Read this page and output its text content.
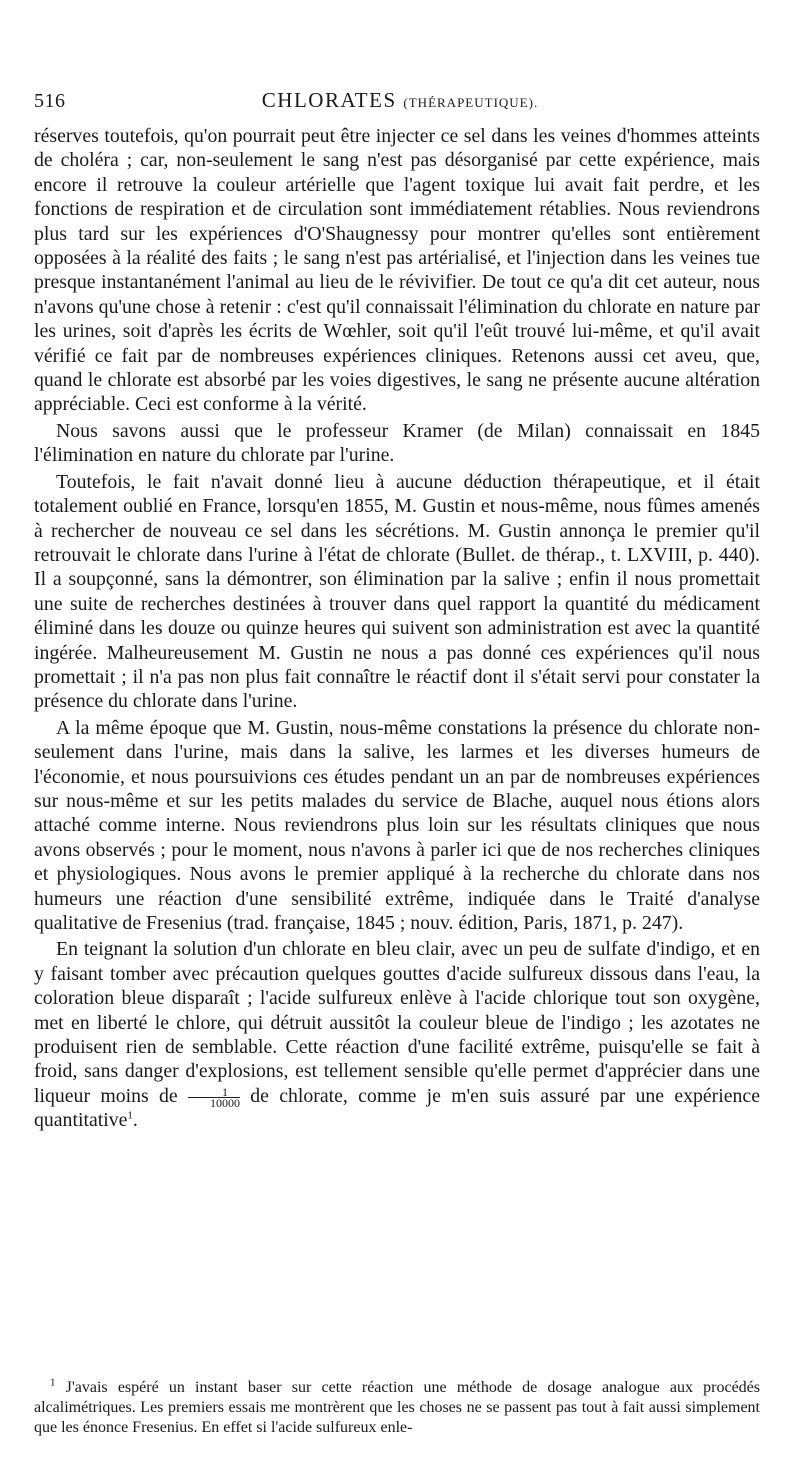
516	CHLORATES (THÉRAPEUTIQUE).

réserves toutefois, qu'on pourrait peut être injecter ce sel dans les veines d'hommes atteints de choléra ; car, non-seulement le sang n'est pas désorganisé par cette expérience, mais encore il retrouve la couleur artérielle que l'agent toxique lui avait fait perdre, et les fonctions de respiration et de circulation sont immédiatement rétablies. Nous reviendrons plus tard sur les expériences d'O'Shaugnessy pour montrer qu'elles sont entièrement opposées à la réalité des faits ; le sang n'est pas artérialisé, et l'injection dans les veines tue presque instantanément l'animal au lieu de le révivifier. De tout ce qu'a dit cet auteur, nous n'avons qu'une chose à retenir : c'est qu'il connaissait l'élimination du chlorate en nature par les urines, soit d'après les écrits de Wœhler, soit qu'il l'eût trouvé lui-même, et qu'il avait vérifié ce fait par de nombreuses expériences cliniques. Retenons aussi cet aveu, que, quand le chlorate est absorbé par les voies digestives, le sang ne présente aucune altération appréciable. Ceci est conforme à la vérité.

Nous savons aussi que le professeur Kramer (de Milan) connaissait en 1845 l'élimination en nature du chlorate par l'urine.

Toutefois, le fait n'avait donné lieu à aucune déduction thérapeutique, et il était totalement oublié en France, lorsqu'en 1855, M. Gustin et nous-même, nous fûmes amenés à rechercher de nouveau ce sel dans les sécrétions. M. Gustin annonça le premier qu'il retrouvait le chlorate dans l'urine à l'état de chlorate (Bullet. de thérap., t. LXVIII, p. 440). Il a soupçonné, sans la démontrer, son élimination par la salive ; enfin il nous promettait une suite de recherches destinées à trouver dans quel rapport la quantité du médicament éliminé dans les douze ou quinze heures qui suivent son administration est avec la quantité ingérée. Malheureusement M. Gustin ne nous a pas donné ces expériences qu'il nous promettait ; il n'a pas non plus fait connaître le réactif dont il s'était servi pour constater la présence du chlorate dans l'urine.

A la même époque que M. Gustin, nous-même constations la présence du chlorate non-seulement dans l'urine, mais dans la salive, les larmes et les diverses humeurs de l'économie, et nous poursuivions ces études pendant un an par de nombreuses expériences sur nous-même et sur les petits malades du service de Blache, auquel nous étions alors attaché comme interne. Nous reviendrons plus loin sur les résultats cliniques que nous avons observés ; pour le moment, nous n'avons à parler ici que de nos recherches cliniques et physiologiques. Nous avons le premier appliqué à la recherche du chlorate dans nos humeurs une réaction d'une sensibilité extrême, indiquée dans le Traité d'analyse qualitative de Fresenius (trad. française, 1845 ; nouv. édition, Paris, 1871, p. 247).

En teignant la solution d'un chlorate en bleu clair, avec un peu de sulfate d'indigo, et en y faisant tomber avec précaution quelques gouttes d'acide sulfureux dissous dans l'eau, la coloration bleue disparaît ; l'acide sulfureux enlève à l'acide chlorique tout son oxygène, met en liberté le chlore, qui détruit aussitôt la couleur bleue de l'indigo ; les azotates ne produisent rien de semblable. Cette réaction d'une facilité extrême, puisqu'elle se fait à froid, sans danger d'explosions, est tellement sensible qu'elle permet d'apprécier dans une liqueur moins de $\frac{1}{10000}$ de chlorate, comme je m'en suis assuré par une expérience quantitative$^1$.

$^1$ J'avais espéré un instant baser sur cette réaction une méthode de dosage analogue aux procédés alcalimétriques. Les premiers essais me montrèrent que les choses ne se passent pas tout à fait aussi simplement que les énonce Fresenius. En effet si l'acide sulfureux enle-
